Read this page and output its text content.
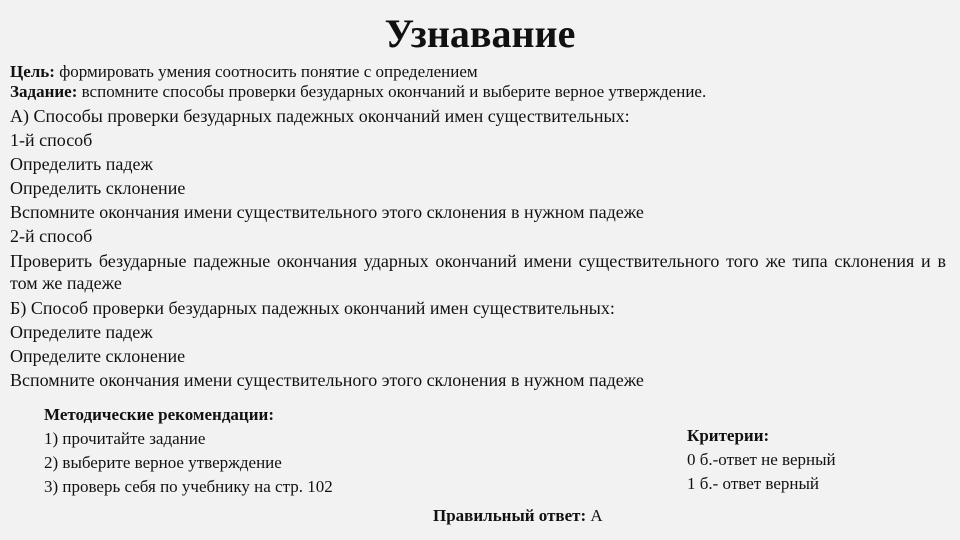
Узнавание
Цель: формировать умения соотносить понятие с определением
Задание: вспомните способы проверки безударных окончаний и выберите верное утверждение.
А) Способы проверки безударных падежных окончаний имен существительных:
1-й способ
Определить падеж
Определить склонение
Вспомните окончания имени существительного этого склонения в нужном падеже
2-й способ
Проверить безударные падежные окончания ударных окончаний имени существительного того же типа склонения и в том же падеже
Б) Способ проверки безударных падежных окончаний имен существительных:
Определите падеж
Определите склонение
Вспомните окончания имени существительного этого склонения в нужном падеже
Методические рекомендации:
1) прочитайте задание
2) выберите верное утверждение
3) проверь себя по учебнику на стр. 102
Критерии:
0 б.-ответ не верный
1 б.- ответ верный
Правильный ответ: А
